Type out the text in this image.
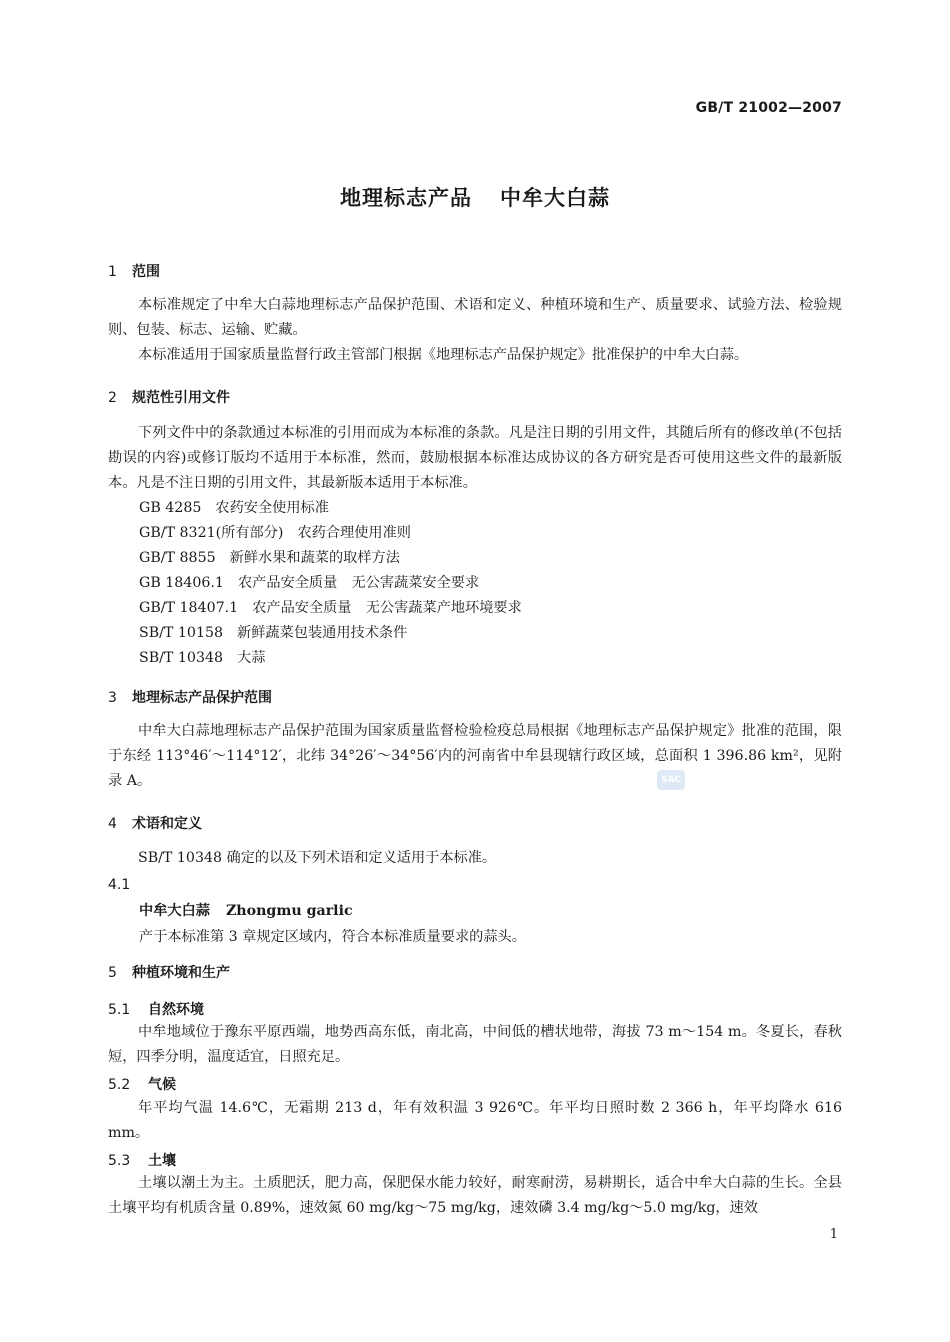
GB/T 21002—2007
地理标志产品 中牟大白蒜
1 范围

本标准规定了中牟大白蒜地理标志产品保护范围、术语和定义、种植环境和生产、质量要求、试验方法、检验规则、包装、标志、运输、贮藏。

本标准适用于国家质量监督行政主管部门根据《地理标志产品保护规定》批准保护的中牟大白蒜。

2 规范性引用文件

下列文件中的条款通过本标准的引用而成为本标准的条款。凡是注日期的引用文件，其随后所有的修改单(不包括勘误的内容)或修订版均不适用于本标准，然而，鼓励根据本标准达成协议的各方研究是否可使用这些文件的最新版本。凡是不注日期的引用文件，其最新版本适用于本标准。

GB 4285 农药安全使用标准
GB/T 8321(所有部分) 农药合理使用准则
GB/T 8855 新鲜水果和蔬菜的取样方法
GB 18406.1 农产品安全质量　无公害蔬菜安全要求
GB/T 18407.1 农产品安全质量　无公害蔬菜产地环境要求
SB/T 10158 新鲜蔬菜包装通用技术条件
SB/T 10348 大蒜
3 地理标志产品保护范围

中牟大白蒜地理标志产品保护范围为国家质量监督检验检疫总局根据《地理标志产品保护规定》批准的范围，限于东经 113°46′～114°12′，北纬 34°26′～34°56′内的河南省中牟县现辖行政区域，总面积 1 396.86 km²，见附录 A。	SAC
4 术语和定义

SB/T 10348 确定的以及下列术语和定义适用于本标准。

4.1
中牟大白蒜 Zhongmu garlic
产于本标准第 3 章规定区域内，符合本标准质量要求的蒜头。
5 种植环境和生产
5.1 自然环境

中牟地域位于豫东平原西端，地势西高东低，南北高，中间低的槽状地带，海拔 73 m～154 m。冬夏长，春秋短，四季分明，温度适宜，日照充足。

5.2 气候

年平均气温 14.6℃，无霜期 213 d，年有效积温 3 926℃。年平均日照时数 2 366 h，年平均降水 616 mm。

5.3 土壤

土壤以潮土为主。土质肥沃，肥力高，保肥保水能力较好，耐寒耐涝，易耕期长，适合中牟大白蒜的生长。全县土壤平均有机质含量 0.89%，速效氮 60 mg/kg～75 mg/kg，速效磷 3.4 mg/kg～5.0 mg/kg，速效

1
